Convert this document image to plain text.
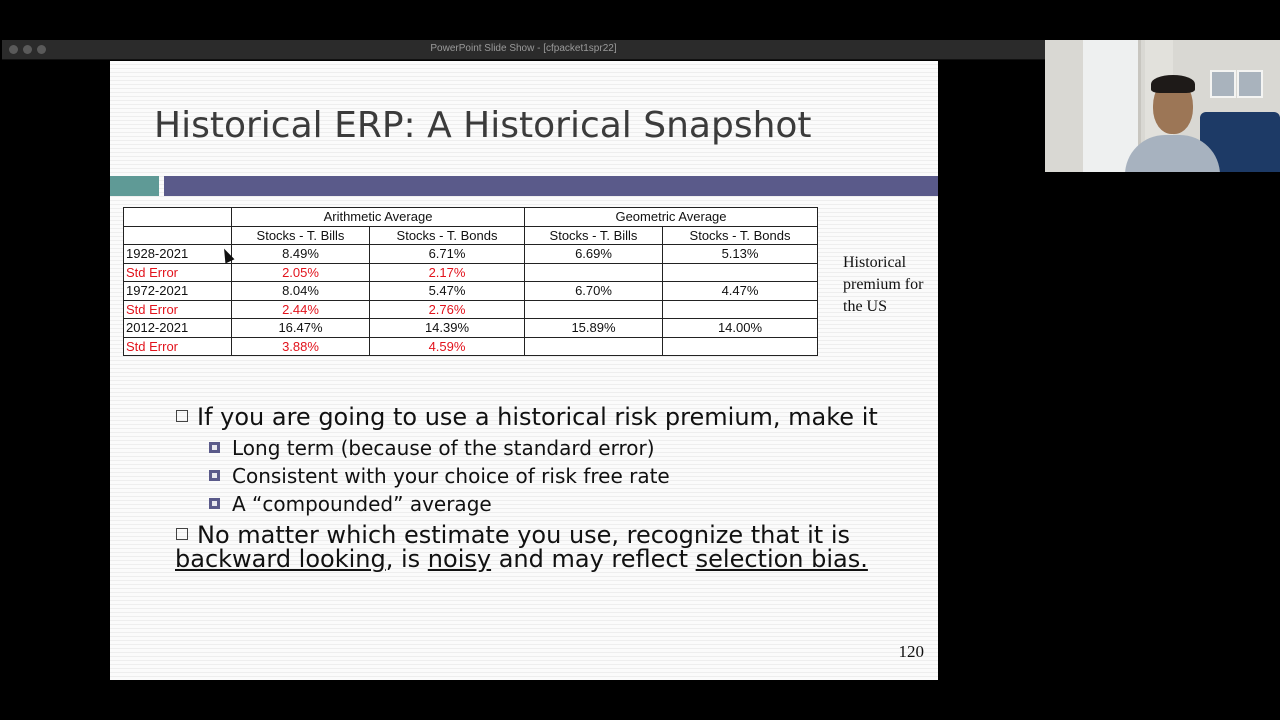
PowerPoint Slide Show - [cfpacket1spr22]
Historical ERP: A Historical Snapshot
	Arithmetic Average		Geometric Average	
	Stocks - T. Bills	Stocks - T. Bonds	Stocks - T. Bills	Stocks - T. Bonds
1928-2021	8.49%	6.71%	6.69%	5.13%
Std Error	2.05%	2.17%		
1972-2021	8.04%	5.47%	6.70%	4.47%
Std Error	2.44%	2.76%		
2012-2021	16.47%	14.39%	15.89%	14.00%
Std Error	3.88%	4.59%		
Historical premium for the US
If you are going to use a historical risk premium, make it
Long term (because of the standard error)
Consistent with your choice of risk free rate
A “compounded” average
No matter which estimate you use, recognize that it is
backward looking, is noisy and may reflect selection bias.
120
